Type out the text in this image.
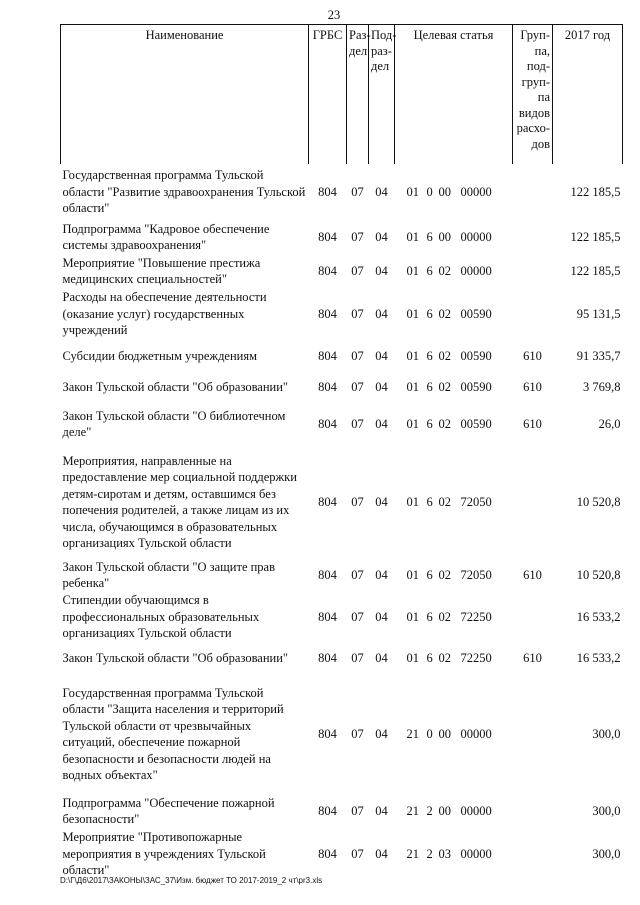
23
Наименование	ГРБС	Раз-дел	Под-раз-дел	Целевая статья	Груп-па, под-груп-па видов расхо-дов	2017 год
Государственная программа Тульской области "Развитие здравоохранения Тульской области"	804	07	04	01 0 00 00000		122 185,5
Подпрограмма "Кадровое обеспечение системы здравоохранения"	804	07	04	01 6 00 00000		122 185,5
Мероприятие "Повышение престижа медицинских специальностей"	804	07	04	01 6 02 00000		122 185,5
Расходы на обеспечение деятельности (оказание услуг) государственных учреждений	804	07	04	01 6 02 00590		95 131,5
Субсидии бюджетным учреждениям	804	07	04	01 6 02 00590	610	91 335,7
Закон Тульской области "Об образовании"	804	07	04	01 6 02 00590	610	3 769,8
Закон Тульской области "О библиотечном деле"	804	07	04	01 6 02 00590	610	26,0
Мероприятия, направленные на предоставление мер социальной поддержки детям-сиротам и детям, оставшимся без попечения родителей, а также лицам из их числа, обучающимся в образовательных организациях Тульской области	804	07	04	01 6 02 72050		10 520,8
Закон Тульской области "О защите прав ребенка"	804	07	04	01 6 02 72050	610	10 520,8
Стипендии обучающимся в профессиональных образовательных организациях Тульской области	804	07	04	01 6 02 72250		16 533,2
Закон Тульской области "Об образовании"	804	07	04	01 6 02 72250	610	16 533,2
Государственная программа Тульской области "Защита населения и территорий Тульской области от чрезвычайных ситуаций, обеспечение пожарной безопасности и безопасности людей на водных объектах"	804	07	04	21 0 00 00000		300,0
Подпрограмма "Обеспечение пожарной безопасности"	804	07	04	21 2 00 00000		300,0
Мероприятие "Противопожарные мероприятия в учреждениях Тульской области"	804	07	04	21 2 03 00000		300,0
D:\Г\Д6\2017\ЗАКОНЫ\ЗАС_37\Изм. бюджет ТО 2017-2019_2 чт\pr3.xls
